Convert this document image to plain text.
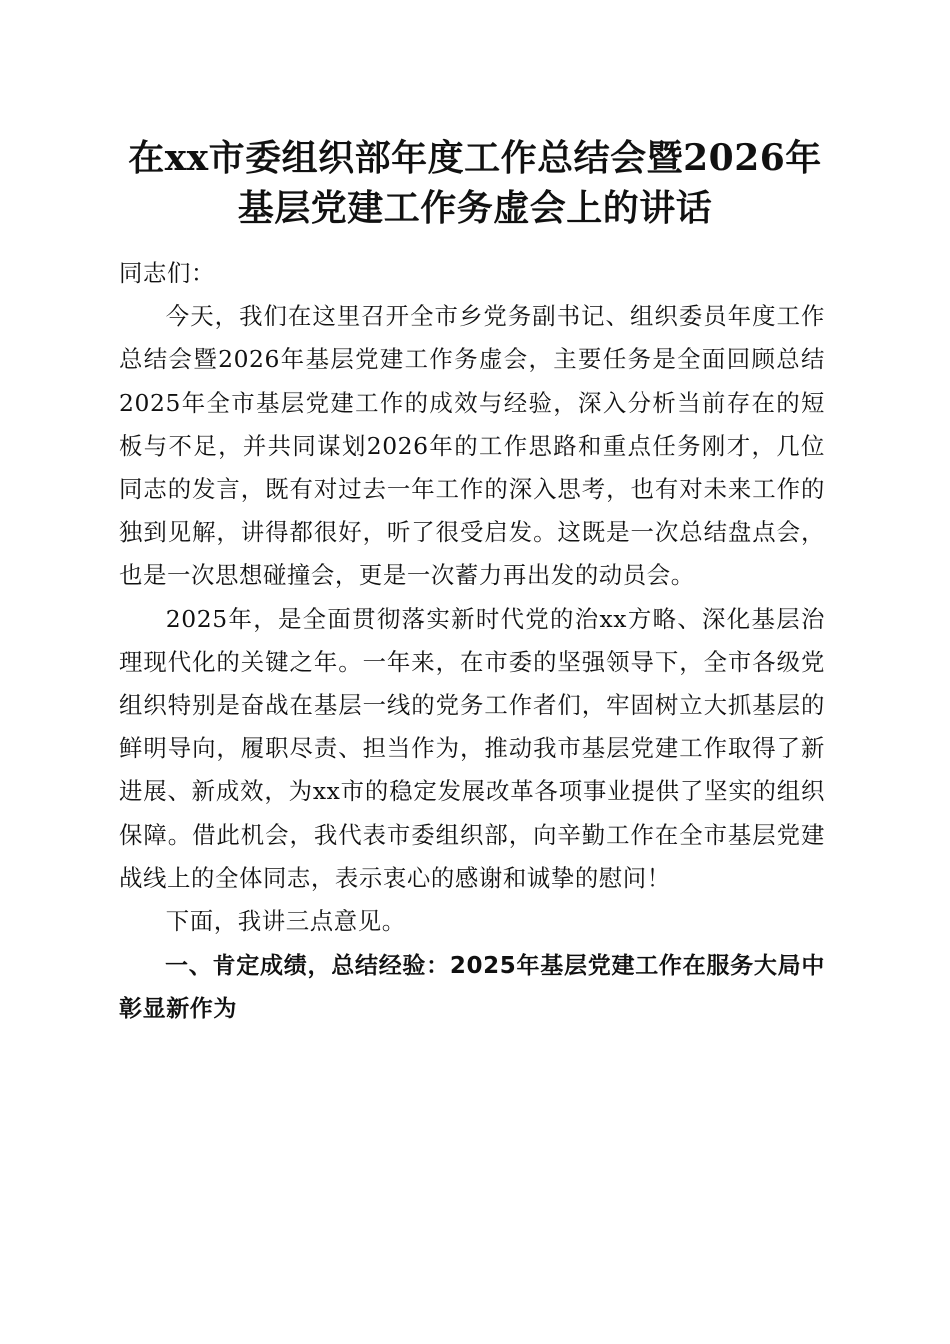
在xx市委组织部年度工作总结会暨2026年基层党建工作务虚会上的讲话

同志们：

今天，我们在这里召开全市乡党务副书记、组织委员年度工作总结会暨2026年基层党建工作务虚会，主要任务是全面回顾总结2025年全市基层党建工作的成效与经验，深入分析当前存在的短板与不足，并共同谋划2026年的工作思路和重点任务刚才，几位同志的发言，既有对过去一年工作的深入思考，也有对未来工作的独到见解，讲得都很好，听了很受启发。这既是一次总结盘点会，也是一次思想碰撞会，更是一次蓄力再出发的动员会。

2025年，是全面贯彻落实新时代党的治xx方略、深化基层治理现代化的关键之年。一年来，在市委的坚强领导下，全市各级党组织特别是奋战在基层一线的党务工作者们，牢固树立大抓基层的鲜明导向，履职尽责、担当作为，推动我市基层党建工作取得了新进展、新成效，为xx市的稳定发展改革各项事业提供了坚实的组织保障。借此机会，我代表市委组织部，向辛勤工作在全市基层党建战线上的全体同志，表示衷心的感谢和诚挚的慰问！

下面，我讲三点意见。

一、肯定成绩，总结经验：2025年基层党建工作在服务大局中彰显新作为
